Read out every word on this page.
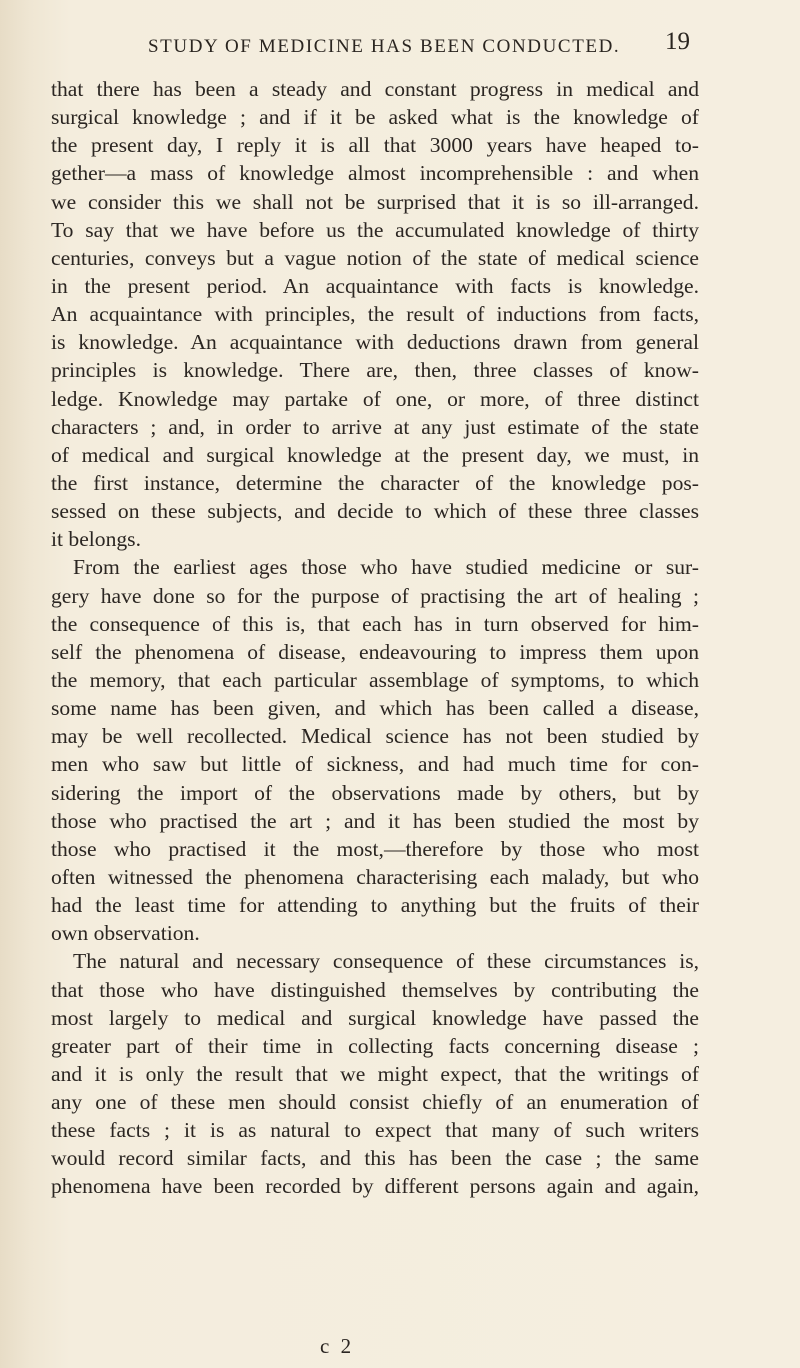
STUDY OF MEDICINE HAS BEEN CONDUCTED. 19
that there has been a steady and constant progress in medical and
surgical knowledge ; and if it be asked what is the knowledge of
the present day, I reply it is all that 3000 years have heaped to-
gether—a mass of knowledge almost incomprehensible : and when
we consider this we shall not be surprised that it is so ill-arranged.
To say that we have before us the accumulated knowledge of thirty
centuries, conveys but a vague notion of the state of medical science
in the present period. An acquaintance with facts is knowledge.
An acquaintance with principles, the result of inductions from facts,
is knowledge. An acquaintance with deductions drawn from general
principles is knowledge. There are, then, three classes of know-
ledge. Knowledge may partake of one, or more, of three distinct
characters ; and, in order to arrive at any just estimate of the state
of medical and surgical knowledge at the present day, we must, in
the first instance, determine the character of the knowledge pos-
sessed on these subjects, and decide to which of these three classes
it belongs.
From the earliest ages those who have studied medicine or sur-
gery have done so for the purpose of practising the art of healing ;
the consequence of this is, that each has in turn observed for him-
self the phenomena of disease, endeavouring to impress them upon
the memory, that each particular assemblage of symptoms, to which
some name has been given, and which has been called a disease,
may be well recollected. Medical science has not been studied by
men who saw but little of sickness, and had much time for con-
sidering the import of the observations made by others, but by
those who practised the art ; and it has been studied the most by
those who practised it the most,—therefore by those who most
often witnessed the phenomena characterising each malady, but who
had the least time for attending to anything but the fruits of their
own observation.
The natural and necessary consequence of these circumstances is,
that those who have distinguished themselves by contributing the
most largely to medical and surgical knowledge have passed the
greater part of their time in collecting facts concerning disease ;
and it is only the result that we might expect, that the writings of
any one of these men should consist chiefly of an enumeration of
these facts ; it is as natural to expect that many of such writers
would record similar facts, and this has been the case ; the same
phenomena have been recorded by different persons again and again,
c 2
